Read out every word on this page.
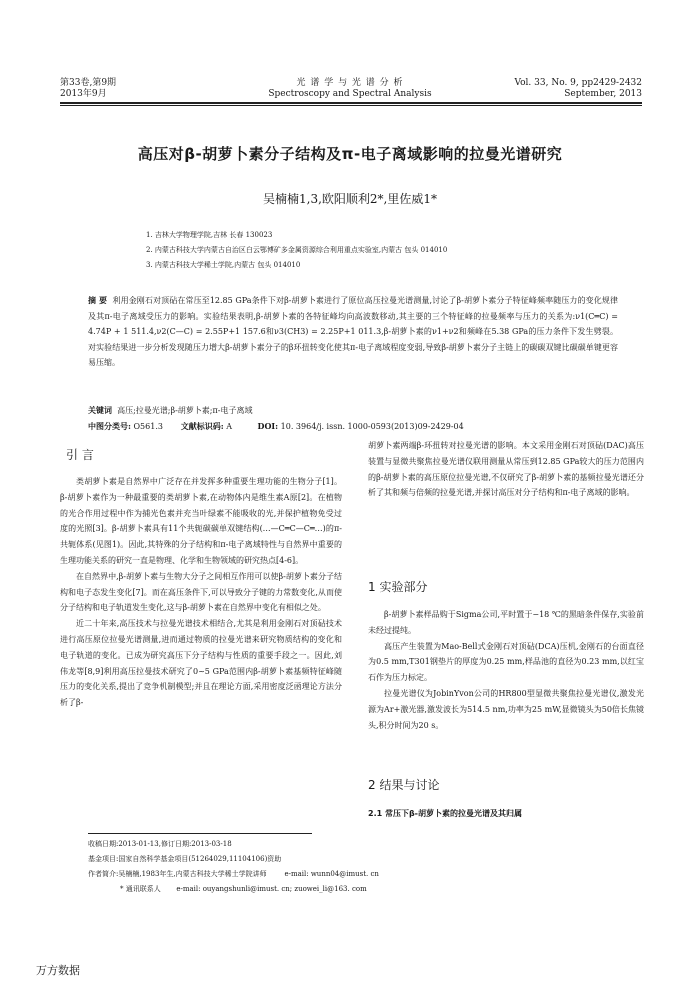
第33卷,第9期
2013年9月
光 谱 学 与 光 谱 分 析
Spectroscopy and Spectral Analysis
Vol. 33, No. 9, pp2429-2432
September, 2013
高压对β-胡萝卜素分子结构及π-电子离域影响的拉曼光谱研究
吴楠楠1,3,欧阳顺利2*,里佐威1*
1. 吉林大学物理学院,吉林 长春 130023
2. 内蒙古科技大学内蒙古自治区白云鄂博矿多金属资源综合利用重点实验室,内蒙古 包头 014010
3. 内蒙古科技大学稀土学院,内蒙古 包头 014010
摘 要 利用金刚石对顶砧在常压至12.85 GPa条件下对β-胡萝卜素进行了原位高压拉曼光谱测量,讨论了β-胡萝卜素分子特征峰频率随压力的变化规律及其π-电子离域受压力的影响。实验结果表明,β-胡萝卜素的各特征峰均向高波数移动,其主要的三个特征峰的拉曼频率与压力的关系为:ν1(C═C) = 4.74P + 1 511.4,ν2(C—C) = 2.55P+1 157.6和ν3(CH3) = 2.25P+1 011.3,β-胡萝卜素的ν1+ν2和频峰在5.38 GPa的压力条件下发生劈裂。对实验结果进一步分析发现随压力增大β-胡萝卜素分子的β环扭转变化使其π-电子离域程度变弱,导致β-胡萝卜素分子主链上的碳碳双键比碳碳单键更容易压缩。
关键词 高压;拉曼光谱;β-胡萝卜素;π-电子离域
中图分类号: O561.3 文献标识码: A	DOI: 10. 3964/j. issn. 1000-0593(2013)09-2429-04
引 言

类胡萝卜素是自然界中广泛存在并发挥多种重要生理功能的生物分子[1]。β-胡萝卜素作为一种最重要的类胡萝卜素,在动物体内是维生素A原[2]。在植物的光合作用过程中作为捕光色素并充当叶绿素不能吸收的光,并保护植物免受过度的光照[3]。β-胡萝卜素具有11个共轭碳碳单双键结构(…—C═C—C═…)的π-共轭体系(见图1)。因此,其特殊的分子结构和π-电子离域特性与自然界中重要的生理功能关系的研究一直是物理、化学和生物领域的研究热点[4-6]。

在自然界中,β-胡萝卜素与生物大分子之间相互作用可以使β-胡萝卜素分子结构和电子态发生变化[7]。而在高压条件下,可以导致分子键的力常数变化,从而使分子结构和电子轨道发生变化,这与β-胡萝卜素在自然界中变化有相似之处。

近二十年来,高压技术与拉曼光谱技术相结合,尤其是利用金刚石对顶砧技术进行高压原位拉曼光谱测量,进而通过物质的拉曼光谱来研究物质结构的变化和电子轨道的变化。已成为研究高压下分子结构与性质的重要手段之一。因此,刘伟龙等[8,9]利用高压拉曼技术研究了0~5 GPa范围内β-胡萝卜素基频特征峰随压力的变化关系,提出了竞争机制模型;并且在理论方面,采用密度泛函理论方法分析了β-

胡萝卜素两端β-环扭转对拉曼光谱的影响。本文采用金刚石对顶砧(DAC)高压装置与显微共聚焦拉曼光谱仪联用测量从常压到12.85 GPa较大的压力范围内的β-胡萝卜素的高压原位拉曼光谱,不仅研究了β-胡萝卜素的基频拉曼光谱还分析了其和频与倍频的拉曼光谱,并探讨高压对分子结构和π-电子离域的影响。

1 实验部分

β-胡萝卜素样品购于Sigma公司,平时置于−18 ℃的黑暗条件保存,实验前未经过提纯。

高压产生装置为Mao-Bell式金刚石对顶砧(DCA)压机,金刚石的台面直径为0.5 mm,T301钢垫片的厚度为0.25 mm,样品池的直径为0.23 mm,以红宝石作为压力标定。

拉曼光谱仪为JobinYvon公司的HR800型显微共聚焦拉曼光谱仪,激发光源为Ar+激光器,激发波长为514.5 nm,功率为25 mW,显微镜头为50倍长焦镜头,积分时间为20 s。

2 结果与讨论
2.1 常压下β-胡萝卜素的拉曼光谱及其归属
收稿日期:2013-01-13,修订日期:2013-03-18
基金项目:国家自然科学基金项目(51264029,11104106)资助
作者简介:吴楠楠,1983年生,内蒙古科技大学稀土学院讲师	e-mail: wunn04@imust. cn
* 通讯联系人 e-mail: ouyangshunli@imust. cn; zuowei_li@163. com
万方数据
